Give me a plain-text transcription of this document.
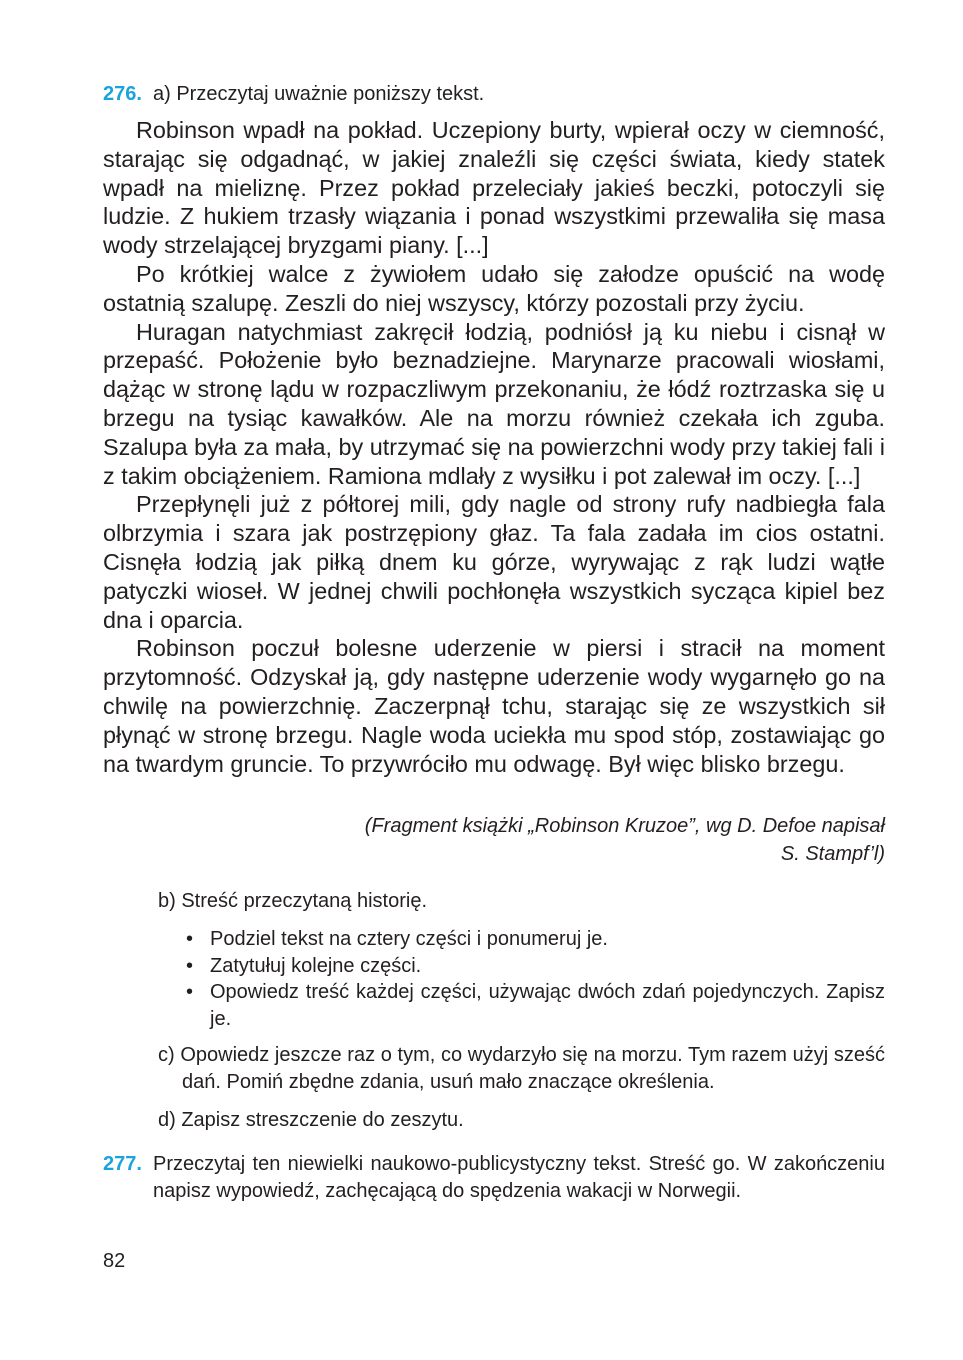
276. a) Przeczytaj uważnie poniższy tekst.

Robinson wpadł na pokład. Uczepiony burty, wpierał oczy w ciemność, starając się odgadnąć, w jakiej znaleźli się części świata, kiedy statek wpadł na mieliznę. Przez pokład przeleciały jakieś beczki, potoczyli się ludzie. Z hukiem trzasły wiązania i ponad wszystkimi przewaliła się masa wody strzelającej bryzgami piany. [...]

Po krótkiej walce z żywiołem udało się załodze opuścić na wodę ostatnią szalupę. Zeszli do niej wszyscy, którzy pozostali przy życiu.

Huragan natychmiast zakręcił łodzią, podniósł ją ku niebu i cisnął w przepaść. Położenie było beznadziejne. Marynarze pracowali wiosłami, dążąc w stronę lądu w rozpaczliwym przekonaniu, że łódź roztrzaska się u brzegu na tysiąc kawałków. Ale na morzu również czekała ich zguba. Szalupa była za mała, by utrzymać się na powierzchni wody przy takiej fali i z takim obciążeniem. Ramiona mdlały z wysiłku i pot zalewał im oczy. [...]

Przepłynęli już z półtorej mili, gdy nagle od strony rufy nadbiegła fala olbrzymia i szara jak postrzępiony głaz. Ta fala zadała im cios ostatni. Cisnęła łodzią jak piłką dnem ku górze, wyrywając z rąk ludzi wątłe patyczki wioseł. W jednej chwili pochłonęła wszystkich sycząca kipiel bez dna i oparcia.

Robinson poczuł bolesne uderzenie w piersi i stracił na moment przytomność. Odzyskał ją, gdy następne uderzenie wody wygarnęło go na chwilę na powierzchnię. Zaczerpnął tchu, starając się ze wszystkich sił płynąć w stronę brzegu. Nagle woda uciekła mu spod stóp, zostawiając go na twardym gruncie. To przywróciło mu odwagę. Był więc blisko brzegu.

(Fragment książki „Robinson Kruzoe”, wg D. Defoe napisał
S. Stampf’l)
b) Streść przeczytaną historię.
• Podziel tekst na cztery części i ponumeruj je.
• Zatytułuj kolejne części.
• Opowiedz treść każdej części, używając dwóch zdań pojedynczych. Zapisz je.
c) Opowiedz jeszcze raz o tym, co wydarzyło się na morzu. Tym razem użyj sześć dań. Pomiń zbędne zdania, usuń mało znaczące określenia.
d) Zapisz streszczenie do zeszytu.
277. Przeczytaj ten niewielki naukowo-publicystyczny tekst. Streść go. W zakończeniu napisz wypowiedź, zachęcającą do spędzenia wakacji w Norwegii.
82
